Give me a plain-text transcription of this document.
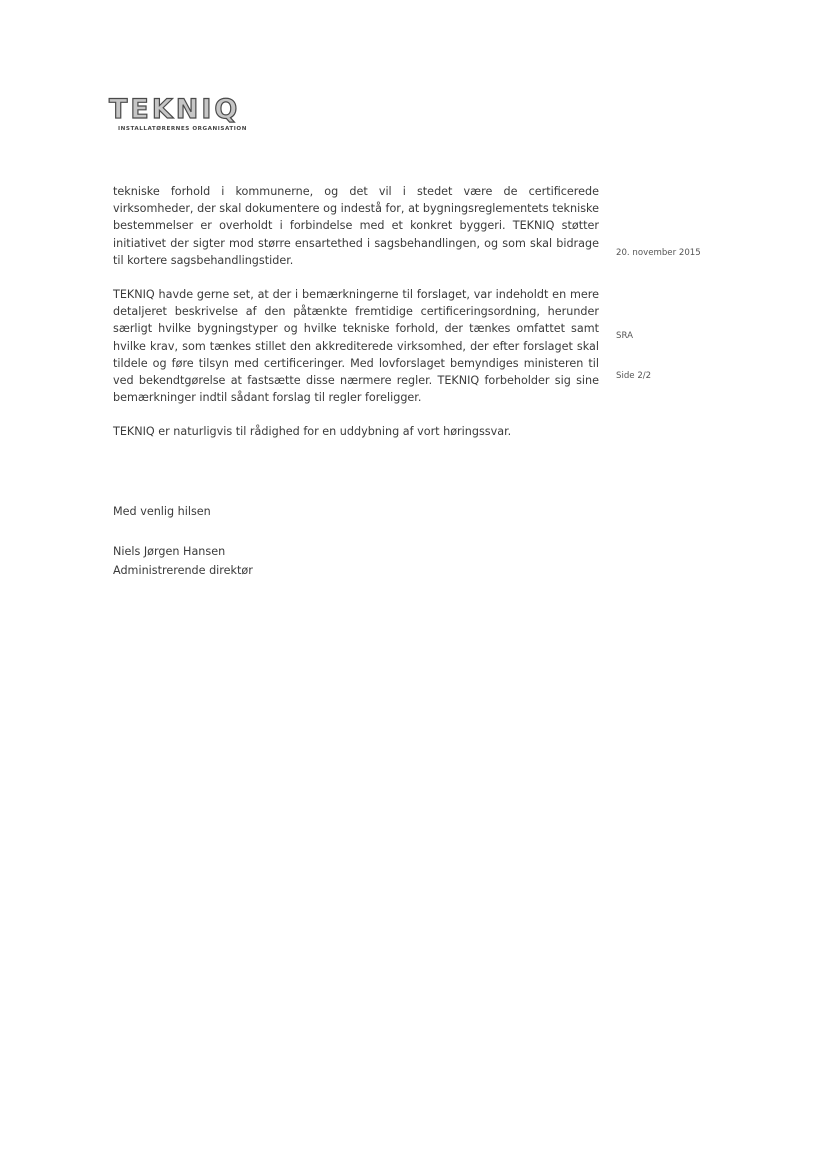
TEKNIQ
INSTALLATØRERNES ORGANISATION

tekniske forhold i kommunerne, og det vil i stedet være de certificerede virksomheder, der skal dokumentere og indestå for, at bygningsreglementets tekniske bestemmelser er overholdt i forbindelse med et konkret byggeri. TEKNIQ støtter initiativet der sigter mod større ensartethed i sagsbehandlingen, og som skal bidrage til kortere sagsbehandlingstider.

TEKNIQ havde gerne set, at der i bemærkningerne til forslaget, var indeholdt en mere detaljeret beskrivelse af den påtænkte fremtidige certificeringsordning, herunder særligt hvilke bygningstyper og hvilke tekniske forhold, der tænkes omfattet samt hvilke krav, som tænkes stillet den akkrediterede virksomhed, der efter forslaget skal tildele og føre tilsyn med certificeringer. Med lovforslaget bemyndiges ministeren til ved bekendtgørelse at fastsætte disse nærmere regler. TEKNIQ forbeholder sig sine bemærkninger indtil sådant forslag til regler foreligger.

TEKNIQ er naturligvis til rådighed for en uddybning af vort høringssvar.

Med venlig hilsen

Niels Jørgen Hansen

Administrerende direktør

20. november 2015

SRA

Side 2/2
